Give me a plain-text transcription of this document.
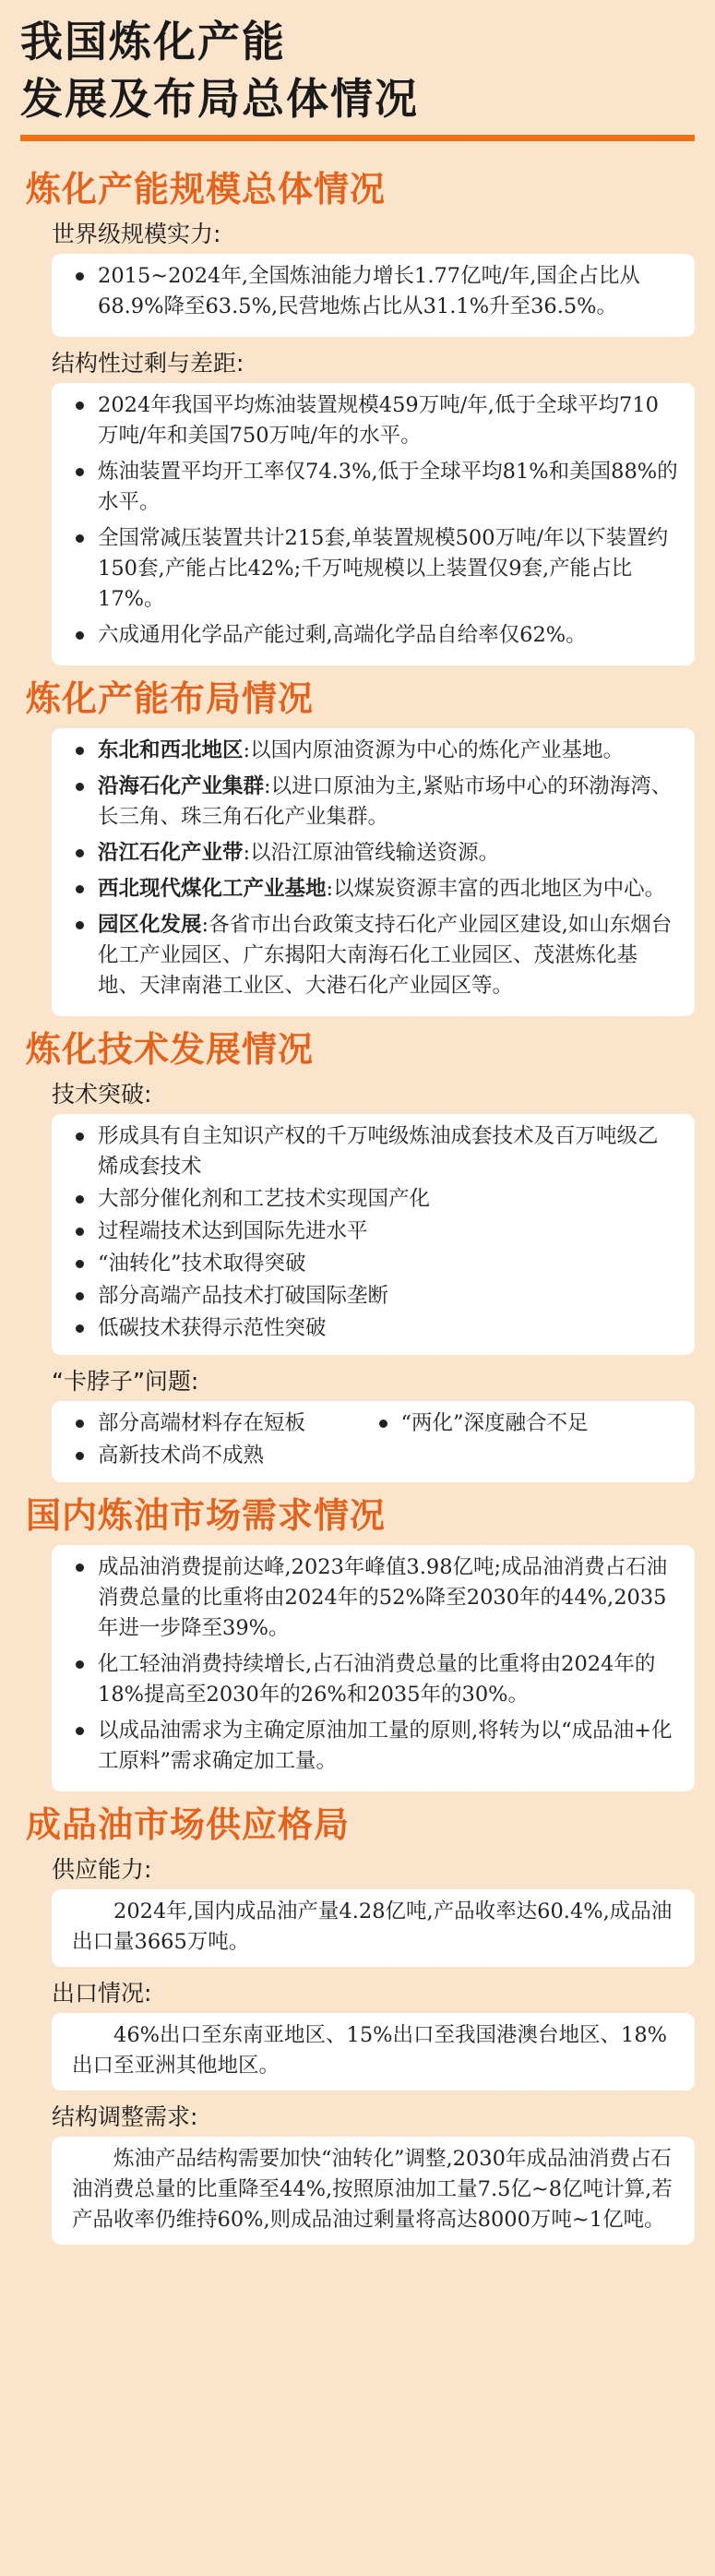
我国炼化产能
发展及布局总体情况
炼化产能规模总体情况
世界级规模实力:
2015~2024年,全国炼油能力增长1.77亿吨/年,国企占比从68.9%降至63.5%,民营地炼占比从31.1%升至36.5%。
结构性过剩与差距:
2024年我国平均炼油装置规模459万吨/年,低于全球平均710万吨/年和美国750万吨/年的水平。
炼油装置平均开工率仅74.3%,低于全球平均81%和美国88%的水平。
全国常减压装置共计215套,单装置规模500万吨/年以下装置约150套,产能占比42%;千万吨规模以上装置仅9套,产能占比17%。
六成通用化学品产能过剩,高端化学品自给率仅62%。
炼化产能布局情况
东北和西北地区:以国内原油资源为中心的炼化产业基地。
沿海石化产业集群:以进口原油为主,紧贴市场中心的环渤海湾、长三角、珠三角石化产业集群。
沿江石化产业带:以沿江原油管线输送资源。
西北现代煤化工产业基地:以煤炭资源丰富的西北地区为中心。
园区化发展:各省市出台政策支持石化产业园区建设,如山东烟台化工产业园区、广东揭阳大南海石化工业园区、茂湛炼化基地、天津南港工业区、大港石化产业园区等。
炼化技术发展情况
技术突破:
形成具有自主知识产权的千万吨级炼油成套技术及百万吨级乙烯成套技术
大部分催化剂和工艺技术实现国产化
过程端技术达到国际先进水平
“油转化”技术取得突破
部分高端产品技术打破国际垄断
低碳技术获得示范性突破
“卡脖子”问题:
部分高端材料存在短板	“两化”深度融合不足
高新技术尚不成熟
国内炼油市场需求情况
成品油消费提前达峰,2023年峰值3.98亿吨;成品油消费占石油消费总量的比重将由2024年的52%降至2030年的44%,2035年进一步降至39%。
化工轻油消费持续增长,占石油消费总量的比重将由2024年的18%提高至2030年的26%和2035年的30%。
以成品油需求为主确定原油加工量的原则,将转为以“成品油+化工原料”需求确定加工量。
成品油市场供应格局
供应能力:

2024年,国内成品油产量4.28亿吨,产品收率达60.4%,成品油出口量3665万吨。

出口情况:

46%出口至东南亚地区、15%出口至我国港澳台地区、18%出口至亚洲其他地区。

结构调整需求:

炼油产品结构需要加快“油转化”调整,2030年成品油消费占石油消费总量的比重降至44%,按照原油加工量7.5亿~8亿吨计算,若产品收率仍维持60%,则成品油过剩量将高达8000万吨~1亿吨。
